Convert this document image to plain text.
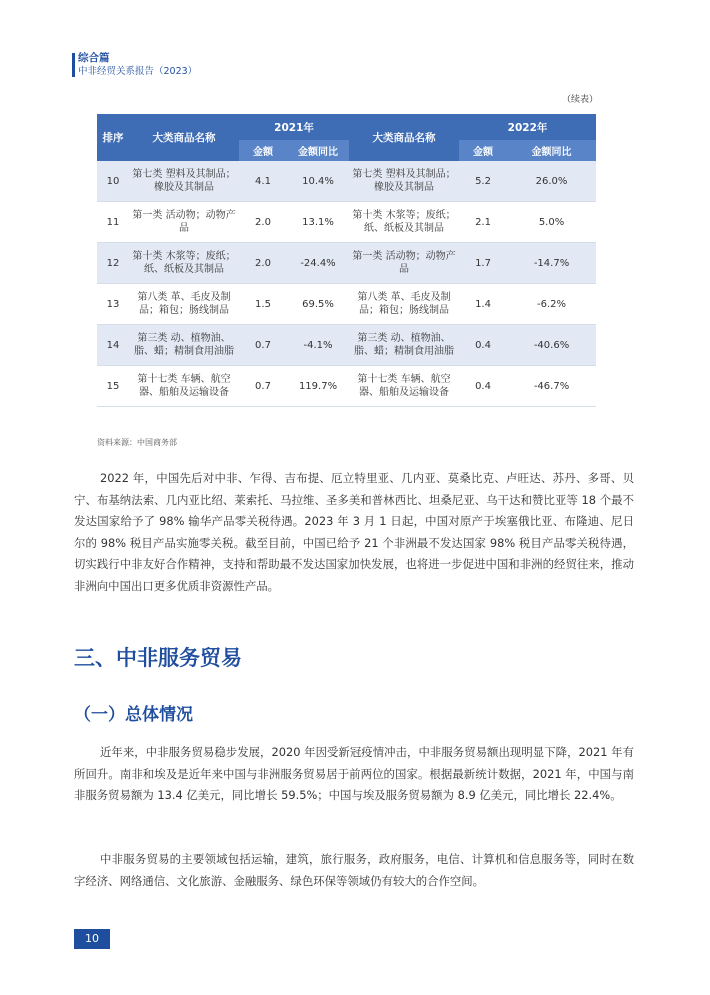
综合篇
中非经贸关系报告（2023）
（续表）
排序	大类商品名称	2021年		大类商品名称	2022年	
		金额	金额同比		金额	金额同比
10	第七类 塑料及其制品；橡胶及其制品	4.1	10.4%	第七类 塑料及其制品；橡胶及其制品	5.2	26.0%
11	第一类 活动物；动物产品	2.0	13.1%	第十类 木浆等；废纸；纸、纸板及其制品	2.1	5.0%
12	第十类 木浆等；废纸；纸、纸板及其制品	2.0	-24.4%	第一类 活动物；动物产品	1.7	-14.7%
13	第八类 革、毛皮及制品；箱包；肠线制品	1.5	69.5%	第八类 革、毛皮及制品；箱包；肠线制品	1.4	-6.2%
14	第三类 动、植物油、脂、蜡；精制食用油脂	0.7	-4.1%	第三类 动、植物油、脂、蜡；精制食用油脂	0.4	-40.6%
15	第十七类 车辆、航空器、船舶及运输设备	0.7	119.7%	第十七类 车辆、航空器、船舶及运输设备	0.4	-46.7%
资料来源：中国商务部
2022 年，中国先后对中非、乍得、吉布提、厄立特里亚、几内亚、莫桑比克、卢旺达、苏丹、多哥、贝宁、布基纳法索、几内亚比绍、莱索托、马拉维、圣多美和普林西比、坦桑尼亚、乌干达和赞比亚等 18 个最不发达国家给予了 98% 输华产品零关税待遇。2023 年 3 月 1 日起，中国对原产于埃塞俄比亚、布隆迪、尼日尔的 98% 税目产品实施零关税。截至目前，中国已给予 21 个非洲最不发达国家 98% 税目产品零关税待遇，切实践行中非友好合作精神，支持和帮助最不发达国家加快发展，也将进一步促进中国和非洲的经贸往来，推动非洲向中国出口更多优质非资源性产品。
三、中非服务贸易
（一）总体情况
近年来，中非服务贸易稳步发展，2020 年因受新冠疫情冲击，中非服务贸易额出现明显下降，2021 年有所回升。南非和埃及是近年来中国与非洲服务贸易居于前两位的国家。根据最新统计数据，2021 年，中国与南非服务贸易额为 13.4 亿美元，同比增长 59.5%；中国与埃及服务贸易额为 8.9 亿美元，同比增长 22.4%。
中非服务贸易的主要领域包括运输，建筑，旅行服务，政府服务，电信、计算机和信息服务等，同时在数字经济、网络通信、文化旅游、金融服务、绿色环保等领域仍有较大的合作空间。
10
